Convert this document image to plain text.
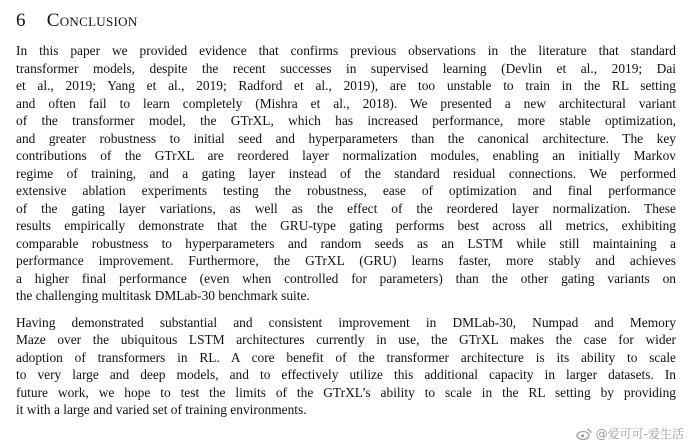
6 Conclusion

In this paper we provided evidence that confirms previous observations in the literature that standard
transformer models, despite the recent successes in supervised learning (Devlin et al., 2019; Dai
et al., 2019; Yang et al., 2019; Radford et al., 2019), are too unstable to train in the RL setting
and often fail to learn completely (Mishra et al., 2018). We presented a new architectural variant
of the transformer model, the GTrXL, which has increased performance, more stable optimization,
and greater robustness to initial seed and hyperparameters than the canonical architecture. The key
contributions of the GTrXL are reordered layer normalization modules, enabling an initially Markov
regime of training, and a gating layer instead of the standard residual connections. We performed
extensive ablation experiments testing the robustness, ease of optimization and final performance
of the gating layer variations, as well as the effect of the reordered layer normalization. These
results empirically demonstrate that the GRU-type gating performs best across all metrics, exhibiting
comparable robustness to hyperparameters and random seeds as an LSTM while still maintaining a
performance improvement. Furthermore, the GTrXL (GRU) learns faster, more stably and achieves
a higher final performance (even when controlled for parameters) than the other gating variants on
the challenging multitask DMLab-30 benchmark suite.

Having demonstrated substantial and consistent improvement in DMLab-30, Numpad and Memory
Maze over the ubiquitous LSTM architectures currently in use, the GTrXL makes the case for wider
adoption of transformers in RL. A core benefit of the transformer architecture is its ability to scale
to very large and deep models, and to effectively utilize this additional capacity in larger datasets. In
future work, we hope to test the limits of the GTrXL’s ability to scale in the RL setting by providing
it with a large and varied set of training environments.

@爱可可-爱生活
